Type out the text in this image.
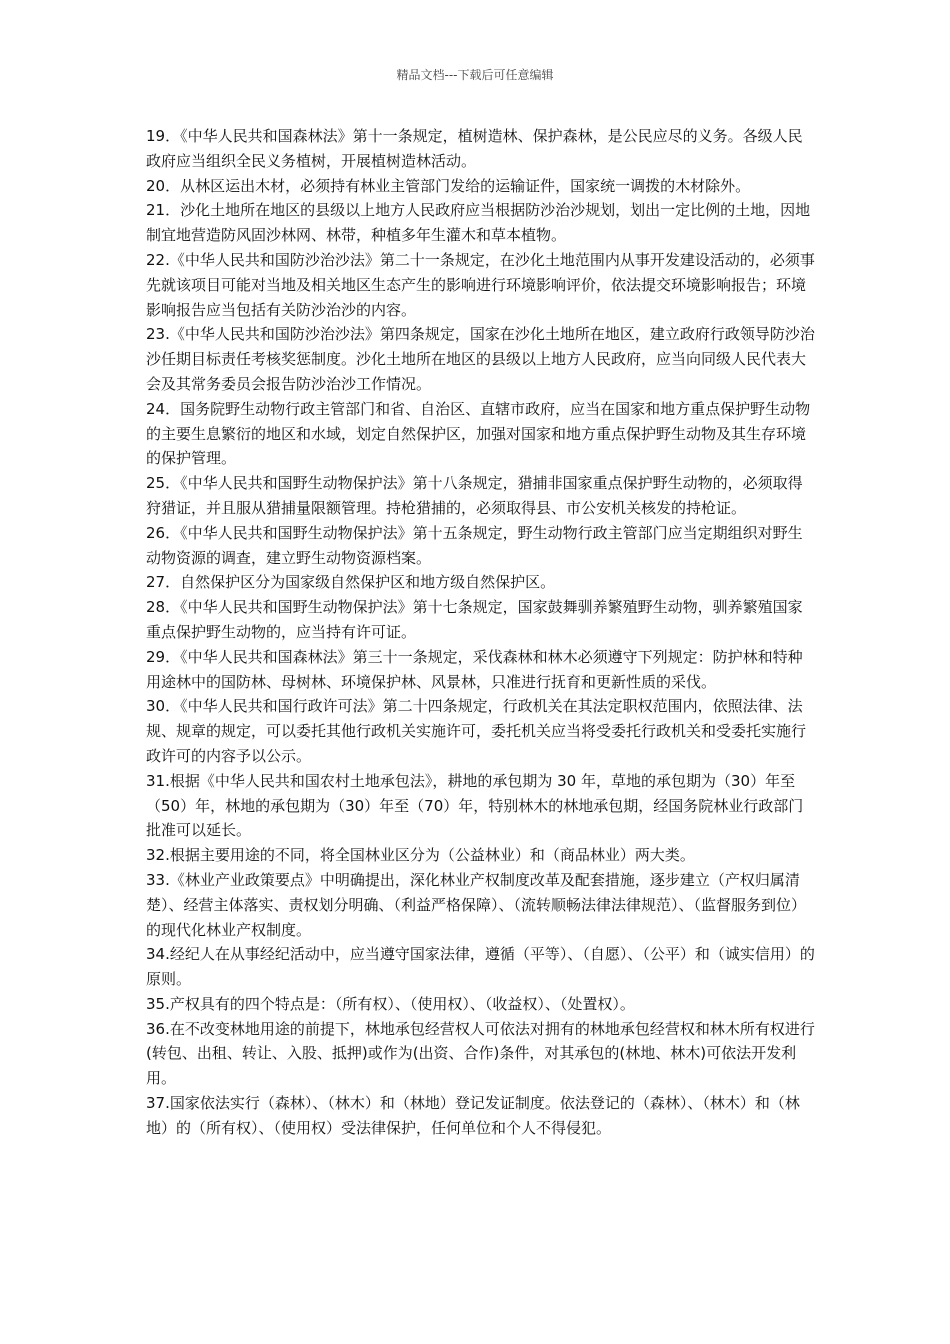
精品文档---下载后可任意编辑

19．《中华人民共和国森林法》第十一条规定，植树造林、保护森林，是公民应尽的义务。各级人民政府应当组织全民义务植树，开展植树造林活动。

20．从林区运出木材，必须持有林业主管部门发给的运输证件，国家统一调拨的木材除外。

21．沙化土地所在地区的县级以上地方人民政府应当根据防沙治沙规划，划出一定比例的土地，因地制宜地营造防风固沙林网、林带，种植多年生灌木和草本植物。

22.《中华人民共和国防沙治沙法》第二十一条规定，在沙化土地范围内从事开发建设活动的，必须事先就该项目可能对当地及相关地区生态产生的影响进行环境影响评价，依法提交环境影响报告；环境影响报告应当包括有关防沙治沙的内容。

23.《中华人民共和国防沙治沙法》第四条规定，国家在沙化土地所在地区，建立政府行政领导防沙治沙任期目标责任考核奖惩制度。沙化土地所在地区的县级以上地方人民政府，应当向同级人民代表大会及其常务委员会报告防沙治沙工作情况。

24．国务院野生动物行政主管部门和省、自治区、直辖市政府，应当在国家和地方重点保护野生动物的主要生息繁衍的地区和水域，划定自然保护区，加强对国家和地方重点保护野生动物及其生存环境的保护管理。

25．《中华人民共和国野生动物保护法》第十八条规定，猎捕非国家重点保护野生动物的，必须取得狩猎证，并且服从猎捕量限额管理。持枪猎捕的，必须取得县、市公安机关核发的持枪证。

26．《中华人民共和国野生动物保护法》第十五条规定，野生动物行政主管部门应当定期组织对野生动物资源的调查，建立野生动物资源档案。

27．自然保护区分为国家级自然保护区和地方级自然保护区。

28．《中华人民共和国野生动物保护法》第十七条规定，国家鼓舞驯养繁殖野生动物，驯养繁殖国家重点保护野生动物的，应当持有许可证。

29．《中华人民共和国森林法》第三十一条规定，采伐森林和林木必须遵守下列规定：防护林和特种用途林中的国防林、母树林、环境保护林、风景林，只准进行抚育和更新性质的采伐。

30．《中华人民共和国行政许可法》第二十四条规定，行政机关在其法定职权范围内，依照法律、法规、规章的规定，可以委托其他行政机关实施许可，委托机关应当将受委托行政机关和受委托实施行政许可的内容予以公示。

31.根据《中华人民共和国农村土地承包法》，耕地的承包期为 30 年，草地的承包期为（30）年至（50）年，林地的承包期为（30）年至（70）年，特别林木的林地承包期，经国务院林业行政部门批准可以延长。

32.根据主要用途的不同，将全国林业区分为（公益林业）和（商品林业）两大类。

33.《林业产业政策要点》中明确提出，深化林业产权制度改革及配套措施，逐步建立（产权归属清楚）、经营主体落实、责权划分明确、（利益严格保障）、（流转顺畅法律法律规范）、（监督服务到位）的现代化林业产权制度。

34.经纪人在从事经纪活动中，应当遵守国家法律，遵循（平等）、（自愿）、（公平）和（诚实信用）的原则。

35.产权具有的四个特点是：（所有权）、（使用权）、（收益权）、（处置权）。

36.在不改变林地用途的前提下，林地承包经营权人可依法对拥有的林地承包经营权和林木所有权进行(转包、出租、转让、入股、抵押)或作为(出资、合作)条件，对其承包的(林地、林木)可依法开发利用。

37.国家依法实行（森林）、（林木）和（林地）登记发证制度。依法登记的（森林）、（林木）和（林地）的（所有权）、（使用权）受法律保护，任何单位和个人不得侵犯。
